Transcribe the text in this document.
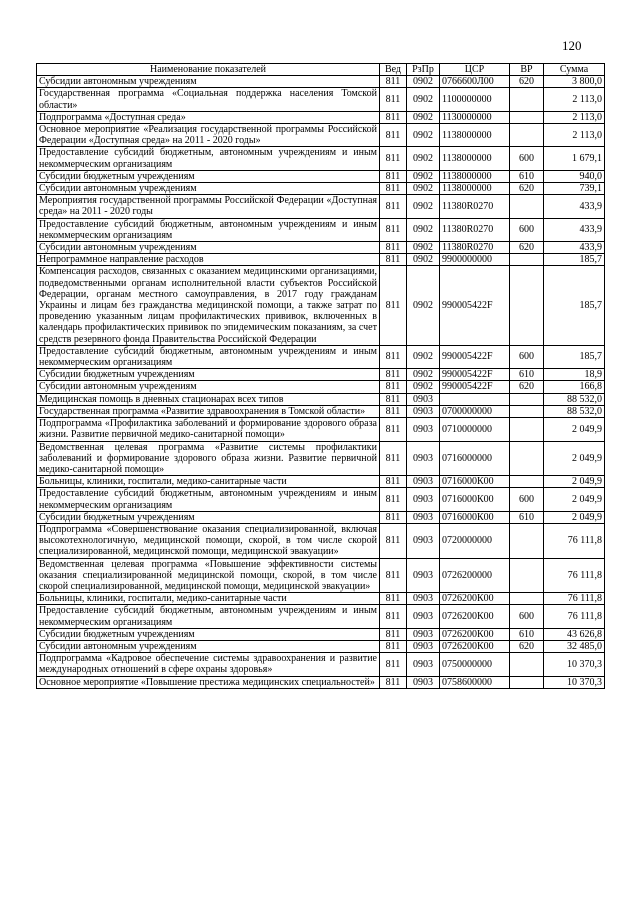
120
Наименование показателей	Вед	РзПр	ЦСР	ВР	Сумма
Субсидии автономным учреждениям	811	0902	0766600Л00	620	3 800,0
Государственная программа «Социальная поддержка населения Томской области»	811	0902	1100000000		2 113,0
Подпрограмма «Доступная среда»	811	0902	1130000000		2 113,0
Основное мероприятие «Реализация государственной программы Российской Федерации «Доступная среда» на 2011 - 2020 годы»	811	0902	1138000000		2 113,0
Предоставление субсидий бюджетным, автономным учреждениям и иным некоммерческим организациям	811	0902	1138000000	600	1 679,1
Субсидии бюджетным учреждениям	811	0902	1138000000	610	940,0
Субсидии автономным учреждениям	811	0902	1138000000	620	739,1
Мероприятия государственной программы Российской Федерации «Доступная среда» на 2011 - 2020 годы	811	0902	11380R0270		433,9
Предоставление субсидий бюджетным, автономным учреждениям и иным некоммерческим организациям	811	0902	11380R0270	600	433,9
Субсидии автономным учреждениям	811	0902	11380R0270	620	433,9
Непрограммное направление расходов	811	0902	9900000000		185,7
Компенсация расходов, связанных с оказанием медицинскими организациями, подведомственными органам исполнительной власти субъектов Российской Федерации, органам местного самоуправления, в 2017 году гражданам Украины и лицам без гражданства медицинской помощи, а также затрат по проведению указанным лицам профилактических прививок, включенных в календарь профилактических прививок по эпидемическим показаниям, за счет средств резервного фонда Правительства Российской Федерации	811	0902	990005422F		185,7
Предоставление субсидий бюджетным, автономным учреждениям и иным некоммерческим организациям	811	0902	990005422F	600	185,7
Субсидии бюджетным учреждениям	811	0902	990005422F	610	18,9
Субсидии автономным учреждениям	811	0902	990005422F	620	166,8
Медицинская помощь в дневных стационарах всех типов	811	0903			88 532,0
Государственная программа «Развитие здравоохранения в Томской области»	811	0903	0700000000		88 532,0
Подпрограмма «Профилактика заболеваний и формирование здорового образа жизни. Развитие первичной медико-санитарной помощи»	811	0903	0710000000		2 049,9
Ведомственная целевая программа «Развитие системы профилактики заболеваний и формирование здорового образа жизни. Развитие первичной медико-санитарной помощи»	811	0903	0716000000		2 049,9
Больницы, клиники, госпитали, медико-санитарные части	811	0903	0716000К00		2 049,9
Предоставление субсидий бюджетным, автономным учреждениям и иным некоммерческим организациям	811	0903	0716000К00	600	2 049,9
Субсидии бюджетным учреждениям	811	0903	0716000К00	610	2 049,9
Подпрограмма «Совершенствование оказания специализированной, включая высокотехнологичную, медицинской помощи, скорой, в том числе скорой специализированной, медицинской помощи, медицинской эвакуации»	811	0903	0720000000		76 111,8
Ведомственная целевая программа «Повышение эффективности системы оказания специализированной медицинской помощи, скорой, в том числе скорой специализированной, медицинской помощи, медицинской эвакуации»	811	0903	0726200000		76 111,8
Больницы, клиники, госпитали, медико-санитарные части	811	0903	0726200К00		76 111,8
Предоставление субсидий бюджетным, автономным учреждениям и иным некоммерческим организациям	811	0903	0726200К00	600	76 111,8
Субсидии бюджетным учреждениям	811	0903	0726200К00	610	43 626,8
Субсидии автономным учреждениям	811	0903	0726200К00	620	32 485,0
Подпрограмма «Кадровое обеспечение системы здравоохранения и развитие международных отношений в сфере охраны здоровья»	811	0903	0750000000		10 370,3
Основное мероприятие «Повышение престижа медицинских специальностей»	811	0903	0758600000		10 370,3
